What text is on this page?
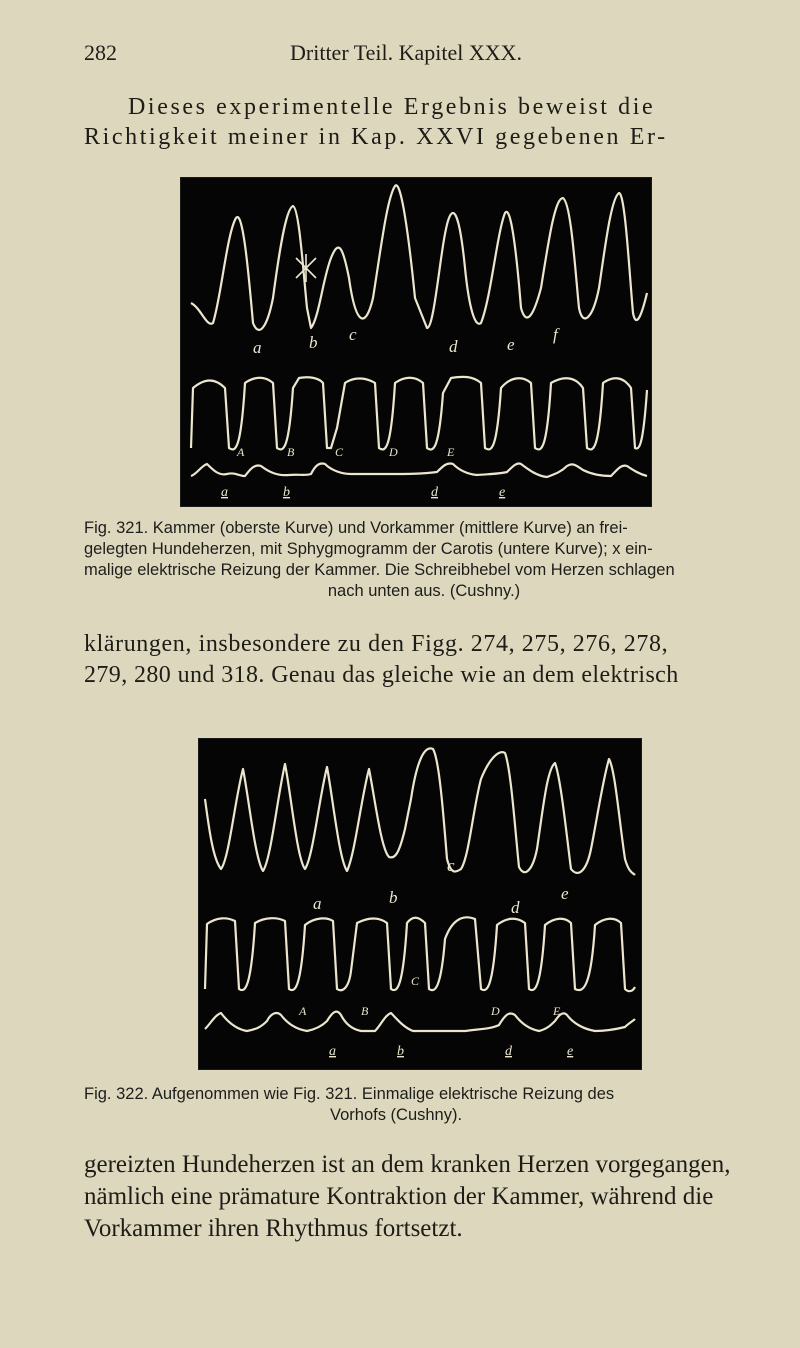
282	Dritter Teil. Kapitel XXX.
Dieses experimentelle Ergebnis beweist die
Richtigkeit meiner in Kap. XXVI gegebenen Er-
a	b c
d	e
f
A	B	C	D	E
a	b	d	e
Fig. 321. Kammer (oberste Kurve) und Vorkammer (mittlere Kurve) an frei-
gelegten Hundeherzen, mit Sphygmogramm der Carotis (untere Kurve); x ein-
malige elektrische Reizung der Kammer. Die Schreibhebel vom Herzen schlagen
nach unten aus. (Cushny.)
klärungen, insbesondere zu den Figg. 274, 275, 276, 278,
279, 280 und 318. Genau das gleiche wie an dem elektrisch
a	b
c
d
e
A	B
C
D	E
a	b	d	e
Fig. 322. Aufgenommen wie Fig. 321. Einmalige elektrische Reizung des
Vorhofs (Cushny).
gereizten Hundeherzen ist an dem kranken Herzen vorgegangen,
nämlich eine prämature Kontraktion der Kammer, während die
Vorkammer ihren Rhythmus fortsetzt.
